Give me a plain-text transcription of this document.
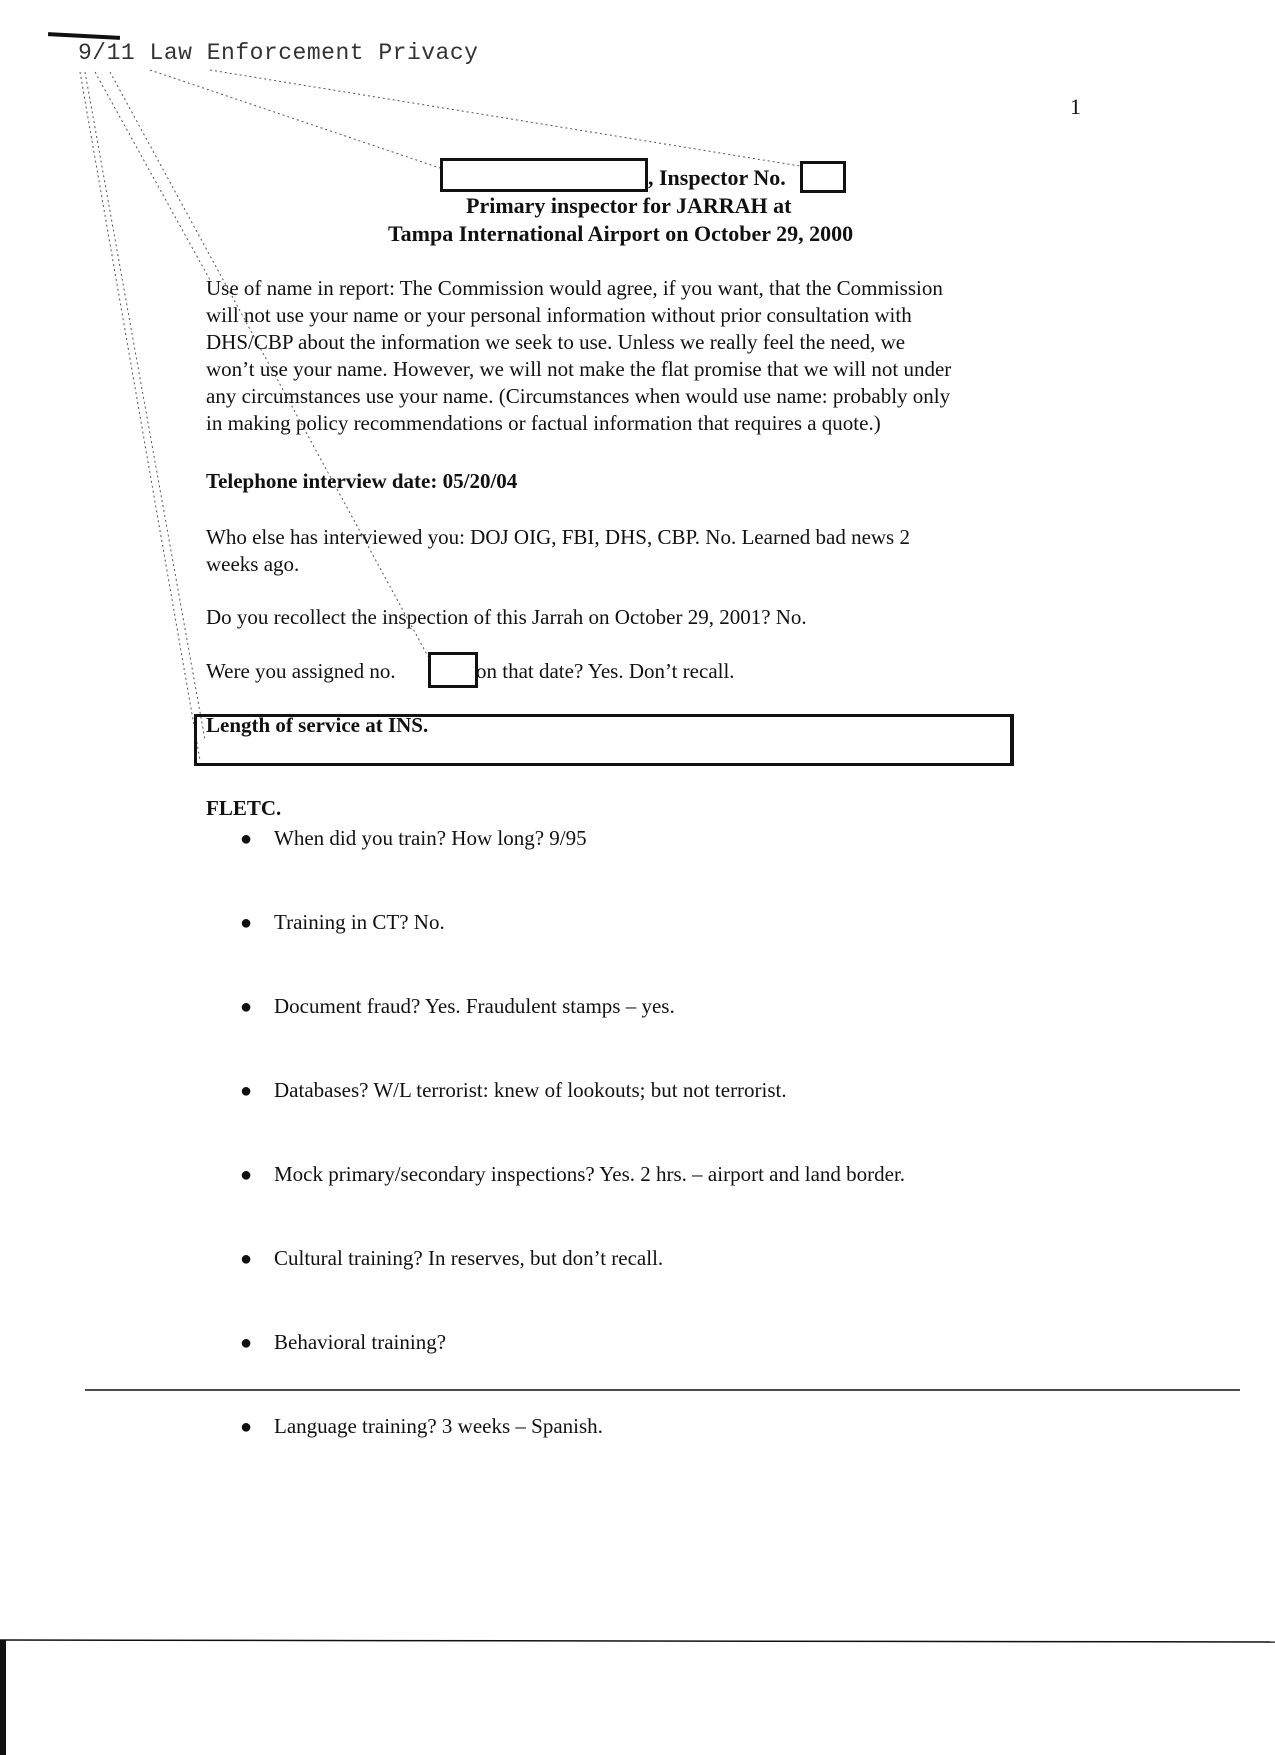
9/11 Law Enforcement Privacy
1
, Inspector No.
Primary inspector for JARRAH at
Tampa International Airport on October 29, 2000
Use of name in report: The Commission would agree, if you want, that the Commission
will not use your name or your personal information without prior consultation with
DHS/CBP about the information we seek to use. Unless we really feel the need, we
won’t use your name. However, we will not make the flat promise that we will not under
any circumstances use your name. (Circumstances when would use name: probably only
in making policy recommendations or factual information that requires a quote.)
Telephone interview date: 05/20/04
Who else has interviewed you: DOJ OIG, FBI, DHS, CBP. No. Learned bad news 2
weeks ago.
Do you recollect the inspection of this Jarrah on October 29, 2001? No.
Were you assigned no.	on that date? Yes. Don’t recall.
Length of service at INS.
FLETC.
● When did you train? How long? 9/95
● Training in CT? No.
● Document fraud? Yes. Fraudulent stamps – yes.
● Databases? W/L terrorist: knew of lookouts; but not terrorist.
● Mock primary/secondary inspections? Yes. 2 hrs. – airport and land border.
● Cultural training? In reserves, but don’t recall.
● Behavioral training?
● Language training? 3 weeks – Spanish.
